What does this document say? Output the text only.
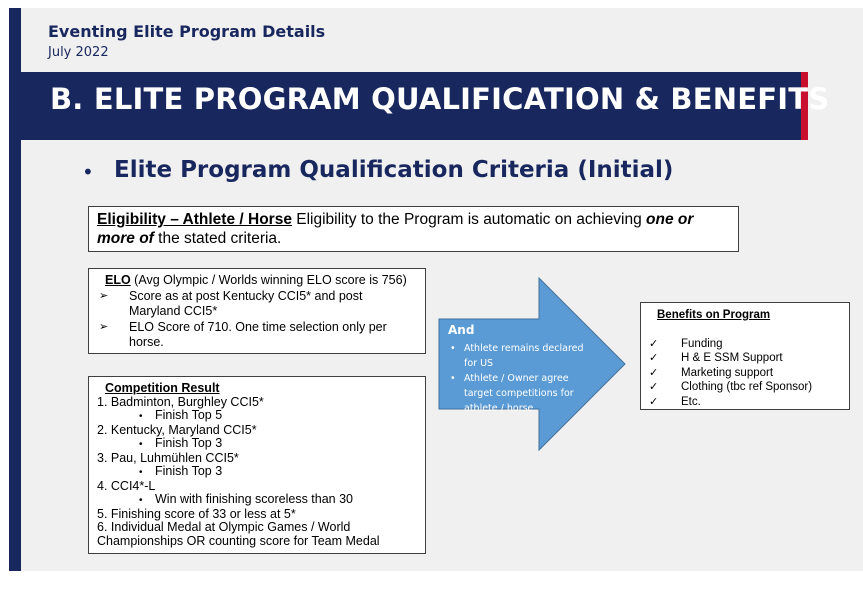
Eventing Elite Program Details
July 2022
B. ELITE PROGRAM QUALIFICATION & BENEFITS
• Elite Program Qualification Criteria (Initial)
Eligibility – Athlete / Horse Eligibility to the Program is automatic on achieving one or more of the stated criteria.
ELO (Avg Olympic / Worlds winning ELO score is 756)
➢ Score as at post Kentucky CCI5* and post Maryland CCI5*
➢ ELO Score of 710. One time selection only per horse.
Competition Result
1. Badminton, Burghley CCI5*
• Finish Top 5
2. Kentucky, Maryland CCI5*
• Finish Top 3
3. Pau, Luhmühlen CCI5*
• Finish Top 3
4. CCI4*-L
• Win with finishing scoreless than 30
5. Finishing score of 33 or less at 5*
6. Individual Medal at Olympic Games / World Championships OR counting score for Team Medal
And
• Athlete remains declared for US
• Athlete / Owner agree target competitions for athlete / horse
Benefits on Program
✓ Funding
✓ H & E SSM Support
✓ Marketing support
✓ Clothing (tbc ref Sponsor)
✓ Etc.
